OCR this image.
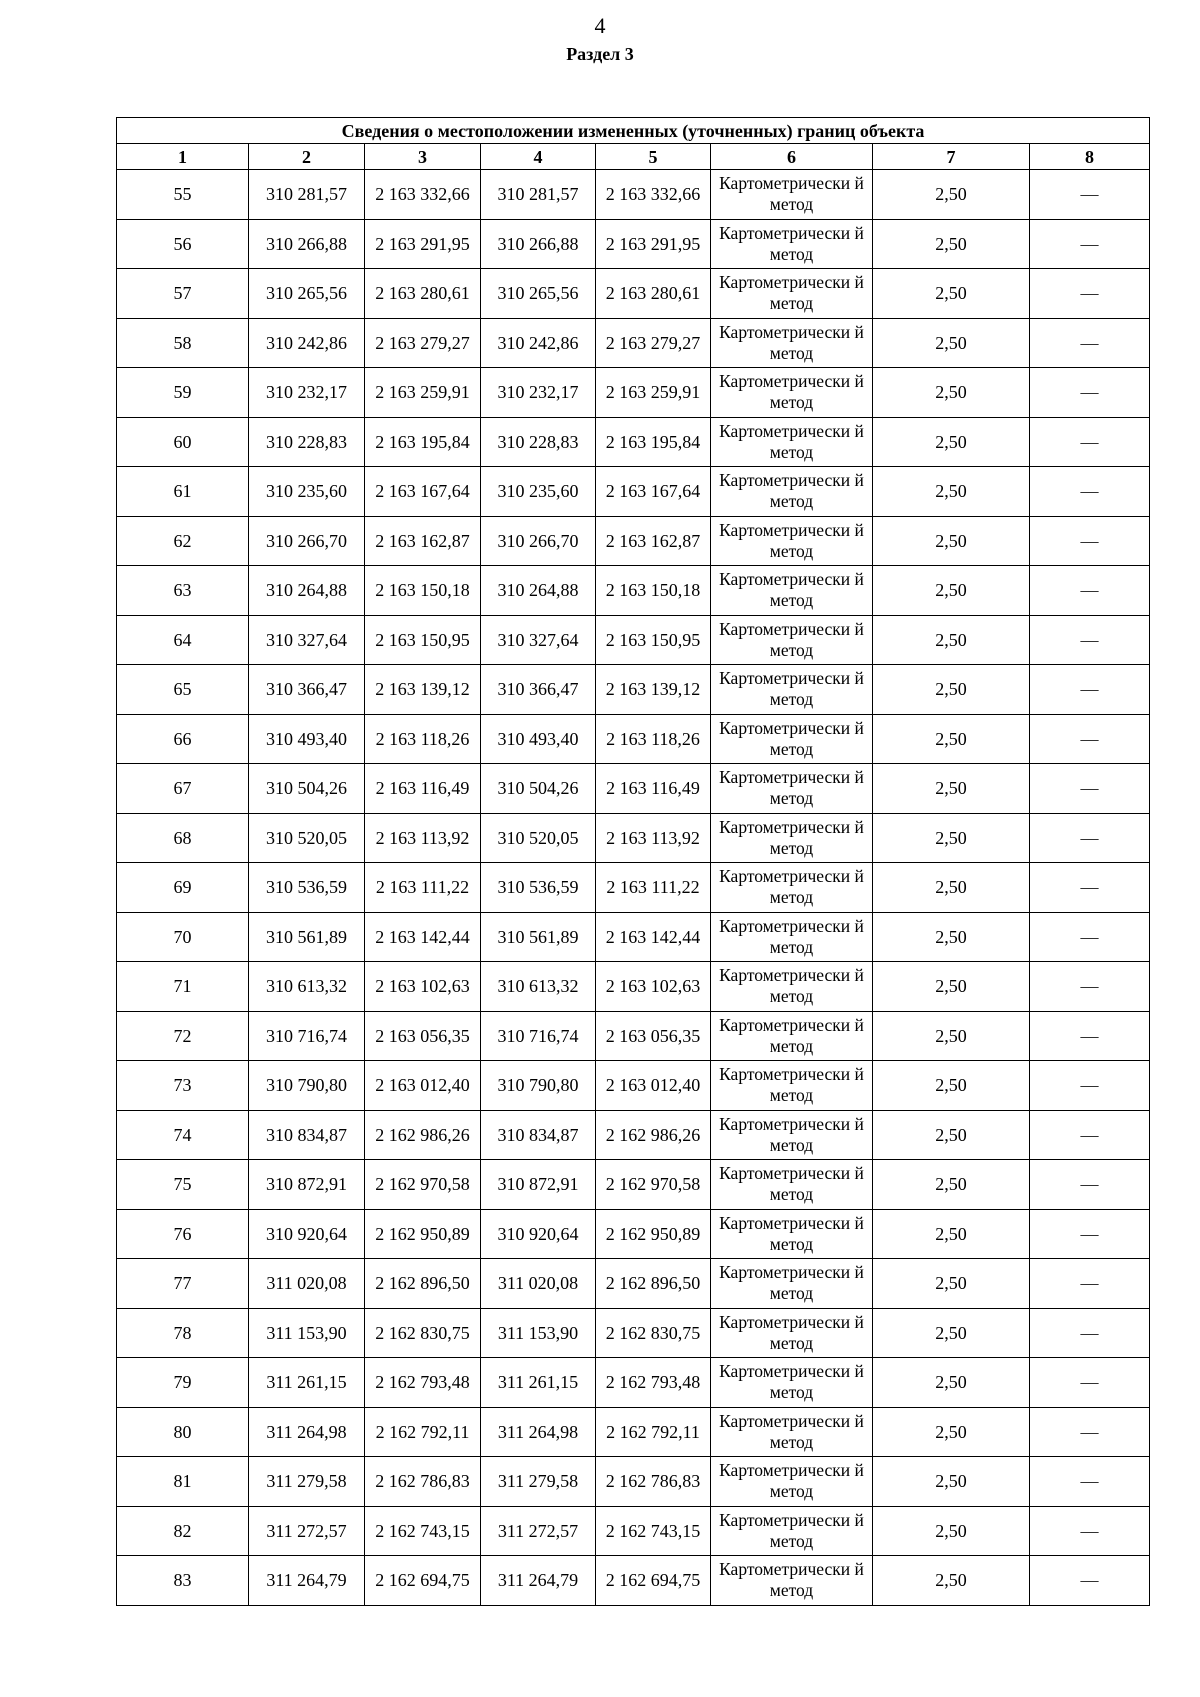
4
Раздел 3
Сведения о местоположении измененных (уточненных) границ объекта							
1	2	3	4	5	6	7	8
55	310 281,57	2 163 332,66	310 281,57	2 163 332,66	Картометрически й метод	2,50	—
56	310 266,88	2 163 291,95	310 266,88	2 163 291,95	Картометрически й метод	2,50	—
57	310 265,56	2 163 280,61	310 265,56	2 163 280,61	Картометрически й метод	2,50	—
58	310 242,86	2 163 279,27	310 242,86	2 163 279,27	Картометрически й метод	2,50	—
59	310 232,17	2 163 259,91	310 232,17	2 163 259,91	Картометрически й метод	2,50	—
60	310 228,83	2 163 195,84	310 228,83	2 163 195,84	Картометрически й метод	2,50	—
61	310 235,60	2 163 167,64	310 235,60	2 163 167,64	Картометрически й метод	2,50	—
62	310 266,70	2 163 162,87	310 266,70	2 163 162,87	Картометрически й метод	2,50	—
63	310 264,88	2 163 150,18	310 264,88	2 163 150,18	Картометрически й метод	2,50	—
64	310 327,64	2 163 150,95	310 327,64	2 163 150,95	Картометрически й метод	2,50	—
65	310 366,47	2 163 139,12	310 366,47	2 163 139,12	Картометрически й метод	2,50	—
66	310 493,40	2 163 118,26	310 493,40	2 163 118,26	Картометрически й метод	2,50	—
67	310 504,26	2 163 116,49	310 504,26	2 163 116,49	Картометрически й метод	2,50	—
68	310 520,05	2 163 113,92	310 520,05	2 163 113,92	Картометрически й метод	2,50	—
69	310 536,59	2 163 111,22	310 536,59	2 163 111,22	Картометрически й метод	2,50	—
70	310 561,89	2 163 142,44	310 561,89	2 163 142,44	Картометрически й метод	2,50	—
71	310 613,32	2 163 102,63	310 613,32	2 163 102,63	Картометрически й метод	2,50	—
72	310 716,74	2 163 056,35	310 716,74	2 163 056,35	Картометрически й метод	2,50	—
73	310 790,80	2 163 012,40	310 790,80	2 163 012,40	Картометрически й метод	2,50	—
74	310 834,87	2 162 986,26	310 834,87	2 162 986,26	Картометрически й метод	2,50	—
75	310 872,91	2 162 970,58	310 872,91	2 162 970,58	Картометрически й метод	2,50	—
76	310 920,64	2 162 950,89	310 920,64	2 162 950,89	Картометрически й метод	2,50	—
77	311 020,08	2 162 896,50	311 020,08	2 162 896,50	Картометрически й метод	2,50	—
78	311 153,90	2 162 830,75	311 153,90	2 162 830,75	Картометрически й метод	2,50	—
79	311 261,15	2 162 793,48	311 261,15	2 162 793,48	Картометрически й метод	2,50	—
80	311 264,98	2 162 792,11	311 264,98	2 162 792,11	Картометрически й метод	2,50	—
81	311 279,58	2 162 786,83	311 279,58	2 162 786,83	Картометрически й метод	2,50	—
82	311 272,57	2 162 743,15	311 272,57	2 162 743,15	Картометрически й метод	2,50	—
83	311 264,79	2 162 694,75	311 264,79	2 162 694,75	Картометрически й метод	2,50	—
